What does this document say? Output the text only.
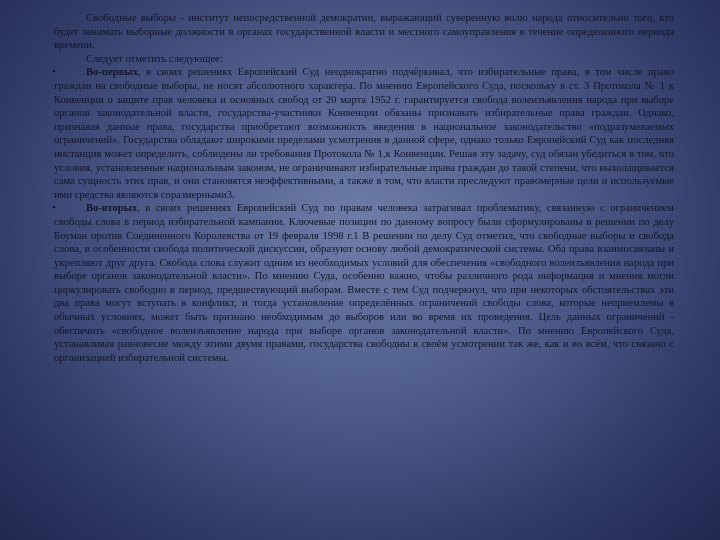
Свободные выборы - институт непосредственной демократии, выражающий суверенную волю народа относительно того, кто будет занимать выборные должности в органах государственной власти и местного самоуправления в течение определенного периода времени.

Следует отметить следующее:

•	Во-первых, в своих решениях Европейский Суд неоднократно подчёркивал, что избирательные права, в том числе право граждан на свободные выборы, не носят абсолютного характера. По мнению Европейского Суда, поскольку в ст. 3 Протокола № 1 к Конвенции о защите прав человека и основных свобод от 20 марта 1952 г. гарантируется свобода волеизъявления народа при выборе органов законодательной власти, государства-участники Конвенции обязаны признавать избирательные права граждан. Однако, признавая данные права, государства приобретают возможность введения в национальное законодательство «подразумеваемых ограничений». Государства обладают широкими пределами усмотрения в данной сфере, однако только Европейский Суд как последняя инстанция может определить, соблюдены ли требования Протокола № 1,к Конвенции. Решая эту задачу, суд обязан убедиться в том, что условия, установленные национальным законом, не ограничивают избирательные права граждан до такой степени, что выхолащивается сама сущность этих прав, и они становятся неэффективными, а также в том, что власти преследуют правомерные цели и используемые ими средства являются соразмерными3.

•	Во-вторых, в своих решениях Европейский Суд по правам человека затрагивал проблематику, связанную с ограничением свободы слова в период избирательной кампании. Ключевые позиции по данному вопросу были сформулированы в решении по делу Боуман против Соединенного Королевства от 19 февраля 1998 г.1 В решении по делу Суд отметил, что свободные выборы и свобода слова, в особенности свобода политической дискуссии, образуют основу любой демократической системы. Оба права взаимосвязаны и укрепляют друг друга. Свобода слова служит одним из необходимых условий для обеспечения «свободного волеизъявления народа при выборе органов законодательной власти». По мнению Суда, особенно важно, чтобы различного рода информация и мнения могли циркулировать свободно в период, предшествующий выборам. Вместе с тем Суд подчеркнул, что при некоторых обстоятельствах эти два права могут вступать в конфликт, и тогда установление определённых ограничений свободы слова, которые неприемлемы в обычных условиях, может быть признано необходимым до выборов или во время их проведения. Цель данных ограничений - обеспечить «свободное волеизъявление народа при выборе органов законодательной власти». По мнению Европейского Суда, устанавливая равновесие между этими двумя правами, государства свободны в своём усмотрении так же, как и во всём, что связано с организацией избирательной системы.
